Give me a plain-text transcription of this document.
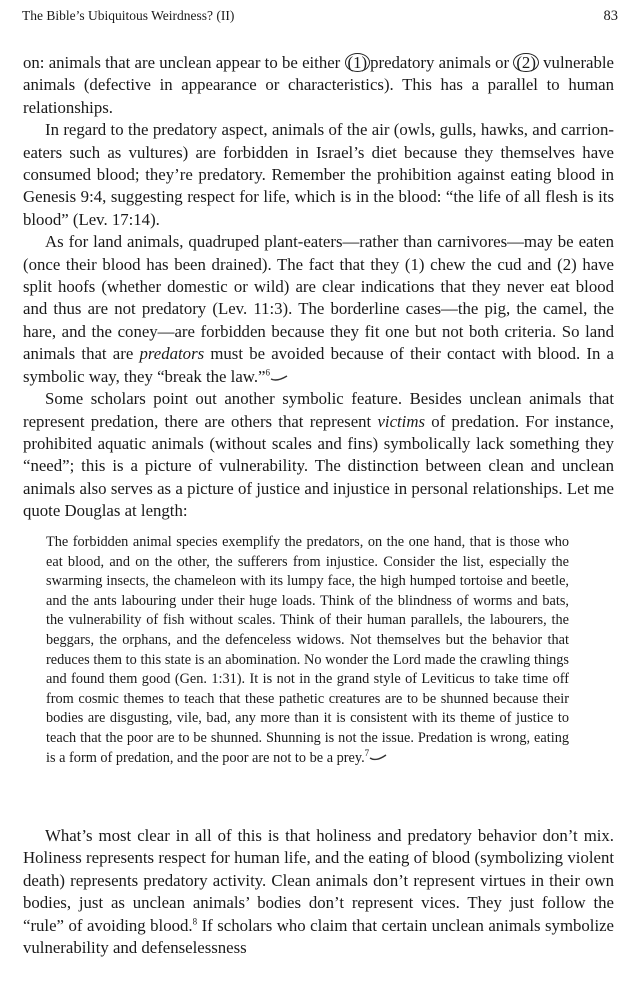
The Bible’s Ubiquitous Weirdness? (II)	83

on: animals that are unclean appear to be either (1) predatory animals or (2) vulnerable animals (defective in appearance or characteristics). This has a parallel to human relationships.

In regard to the predatory aspect, animals of the air (owls, gulls, hawks, and carrion-eaters such as vultures) are forbidden in Israel’s diet because they themselves have consumed blood; they’re predatory. Remember the prohibition against eating blood in Genesis 9:4, suggesting respect for life, which is in the blood: “the life of all flesh is its blood” (Lev. 17:14).

As for land animals, quadruped plant-eaters—rather than carnivores—may be eaten (once their blood has been drained). The fact that they (1) chew the cud and (2) have split hoofs (whether domestic or wild) are clear indications that they never eat blood and thus are not predatory (Lev. 11:3). The borderline cases—the pig, the camel, the hare, and the coney—are forbidden because they fit one but not both criteria. So land animals that are predators must be avoided because of their contact with blood. In a symbolic way, they “break the law.”$^6$

Some scholars point out another symbolic feature. Besides unclean animals that represent predation, there are others that represent victims of predation. For instance, prohibited aquatic animals (without scales and fins) symbolically lack something they “need”; this is a picture of vulnerability. The distinction between clean and unclean animals also serves as a picture of justice and injustice in personal relationships. Let me quote Douglas at length:

The forbidden animal species exemplify the predators, on the one hand, that is those who eat blood, and on the other, the sufferers from injustice. Consider the list, especially the swarming insects, the chameleon with its lumpy face, the high humped tortoise and beetle, and the ants labouring under their huge loads. Think of the blindness of worms and bats, the vulnerability of fish without scales. Think of their human parallels, the labourers, the beggars, the orphans, and the defenceless widows. Not themselves but the behavior that reduces them to this state is an abomination. No wonder the Lord made the crawling things and found them good (Gen. 1:31). It is not in the grand style of Leviticus to take time off from cosmic themes to teach that these pathetic creatures are to be shunned because their bodies are disgusting, vile, bad, any more than it is consistent with its theme of justice to teach that the poor are to be shunned. Shunning is not the issue. Predation is wrong, eating is a form of predation, and the poor are not to be a prey.$^7$

What’s most clear in all of this is that holiness and predatory behavior don’t mix. Holiness represents respect for human life, and the eating of blood (symbolizing violent death) represents predatory activity. Clean animals don’t represent virtues in their own bodies, just as unclean animals’ bodies don’t represent vices. They just follow the “rule” of avoiding blood.$^8$ If scholars who claim that certain unclean animals symbolize vulnerability and defenselessness
